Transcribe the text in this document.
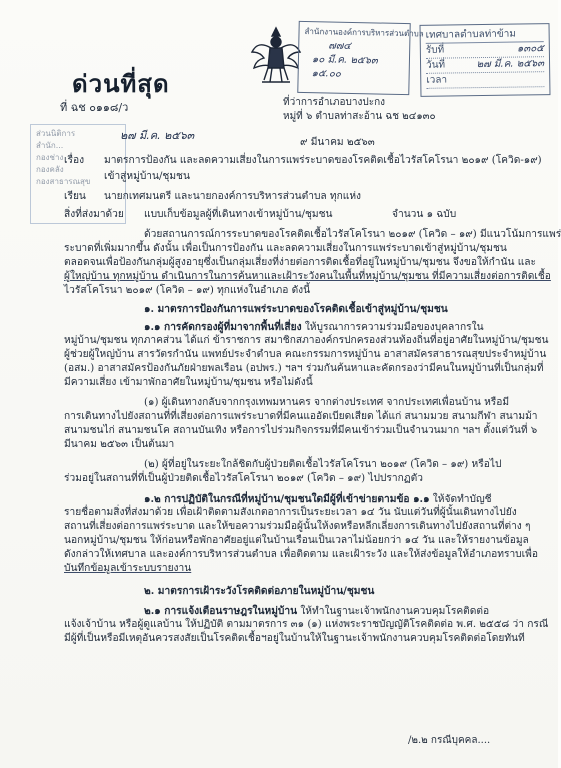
ด่วนที่สุด
ที่ ฉช ๐๑๑๘/ว
สำนักงานองค์การบริหารส่วนตำบล
๗๗๔
๑๐ มี.ค. ๒๕๖๓
๑๕.๐๐
เทศบาลตำบลท่าข้าม
รับที่	๑๓๐๕
วันที่	๒๗ มี.ค. ๒๕๖๓
เวลา
ส่วนนิติการ
สำนัก...
กองช่าง
กองคลัง
กองสาธารณสุข
๒๗ มี.ค. ๒๕๖๓
ที่ว่าการอำเภอบางปะกง
หมู่ที่ ๖ ตำบลท่าสะอ้าน ฉช ๒๔๑๓๐
๙ มีนาคม ๒๕๖๓
เรื่อง มาตรการป้องกัน และลดความเสี่ยงในการแพร่ระบาดของโรคติดเชื้อไวรัสโคโรนา ๒๐๑๙ (โควิด-๑๙)
เข้าสู่หมู่บ้าน/ชุมชน
เรียน นายกเทศมนตรี และนายกองค์การบริหารส่วนตำบล ทุกแห่ง
สิ่งที่ส่งมาด้วย แบบเก็บข้อมูลผู้ที่เดินทางเข้าหมู่บ้าน/ชุมชน	จำนวน ๑ ฉบับ
ด้วยสถานการณ์การระบาดของโรคติดเชื้อไวรัสโคโรนา ๒๐๑๙ (โควิด – ๑๙) มีแนวโน้มการแพร่
ระบาดที่เพิ่มมากขึ้น ดังนั้น เพื่อเป็นการป้องกัน และลดความเสี่ยงในการแพร่ระบาดเข้าสู่หมู่บ้าน/ชุมชน
ตลอดจนเพื่อป้องกันกลุ่มผู้สูงอายุซึ่งเป็นกลุ่มเสี่ยงที่ง่ายต่อการติดเชื้อที่อยู่ในหมู่บ้าน/ชุมชน จึงขอให้กำนัน และ
ผู้ใหญ่บ้าน ทุกหมู่บ้าน ดำเนินการในการค้นหาและเฝ้าระวังคนในพื้นที่หมู่บ้าน/ชุมชน ที่มีความเสี่ยงต่อการติดเชื้อ
ไวรัสโคโรนา ๒๐๑๙ (โควิด – ๑๙) ทุกแห่งในอำเภอ ดังนี้
๑. มาตรการป้องกันการแพร่ระบาดของโรคติดเชื้อเข้าสู่หมู่บ้าน/ชุมชน
๑.๑ การคัดกรองผู้ที่มาจากพื้นที่เสี่ยง ให้บูรณาการความร่วมมือของบุคลากรใน
หมู่บ้าน/ชุมชน ทุกภาคส่วน ได้แก่ ข้าราชการ สมาชิกสภาองค์กรปกครองส่วนท้องถิ่นที่อยู่อาศัยในหมู่บ้าน/ชุมชน
ผู้ช่วยผู้ใหญ่บ้าน สารวัตรกำนัน แพทย์ประจำตำบล คณะกรรมการหมู่บ้าน อาสาสมัครสาธารณสุขประจำหมู่บ้าน
(อสม.) อาสาสมัครป้องกันภัยฝ่ายพลเรือน (อปพร.) ฯลฯ ร่วมกันค้นหาและคัดกรองว่ามีคนในหมู่บ้านที่เป็นกลุ่มที่
มีความเสี่ยง เข้ามาพักอาศัยในหมู่บ้าน/ชุมชน หรือไม่ดังนี้
(๑) ผู้เดินทางกลับจากกรุงเทพมหานคร จากต่างประเทศ จากประเทศเพื่อนบ้าน หรือมี
การเดินทางไปยังสถานที่ที่เสี่ยงต่อการแพร่ระบาดที่มีคนแออัดเบียดเสียด ได้แก่ สนามมวย สนามกีฬา สนามม้า
สนามชนไก่ สนามชนโค สถานบันเทิง หรือการไปร่วมกิจกรรมที่มีคนเข้าร่วมเป็นจำนวนมาก ฯลฯ ตั้งแต่วันที่ ๖
มีนาคม ๒๕๖๓ เป็นต้นมา
(๒) ผู้ที่อยู่ในระยะใกล้ชิดกับผู้ป่วยติดเชื้อไวรัสโคโรนา ๒๐๑๙ (โควิด – ๑๙) หรือไป
ร่วมอยู่ในสถานที่ที่เป็นผู้ป่วยติดเชื้อไวรัสโคโรนา ๒๐๑๙ (โควิด – ๑๙) ไปปรากฏตัว
๑.๒ การปฏิบัติในกรณีที่หมู่บ้าน/ชุมชนใดมีผู้ที่เข้าข่ายตามข้อ ๑.๑ ให้จัดทำบัญชี
รายชื่อตามสิ่งที่ส่งมาด้วย เพื่อเฝ้าติดตามสังเกตอาการเป็นระยะเวลา ๑๔ วัน นับแต่วันที่ผู้นั้นเดินทางไปยัง
สถานที่เสี่ยงต่อการแพร่ระบาด และให้ขอความร่วมมือผู้นั้นให้งดหรือหลีกเลี่ยงการเดินทางไปยังสถานที่ต่าง ๆ
นอกหมู่บ้าน/ชุมชน ให้ก่อนหรือพักอาศัยอยู่แต่ในบ้านเรือนเป็นเวลาไม่น้อยกว่า ๑๔ วัน และให้รายงานข้อมูล
ดังกล่าวให้เทศบาล และองค์การบริหารส่วนตำบล เพื่อติดตาม และเฝ้าระวัง และให้ส่งข้อมูลให้อำเภอทราบเพื่อ
บันทึกข้อมูลเข้าระบบรายงาน
๒. มาตรการเฝ้าระวังโรคติดต่อภายในหมู่บ้าน/ชุมชน
๒.๑ การแจ้งเตือนราษฎรในหมู่บ้าน ให้ทำในฐานะเจ้าพนักงานควบคุมโรคติดต่อ
แจ้งเจ้าบ้าน หรือผู้ดูแลบ้าน ให้ปฏิบัติ ตามมาตรการ ๓๑ (๑) แห่งพระราชบัญญัติโรคติดต่อ พ.ศ. ๒๕๕๘ ว่า กรณี
มีผู้ที่เป็นหรือมีเหตุอันควรสงสัยเป็นโรคติดเชื้อฯอยู่ในบ้านให้ในฐานะเจ้าพนักงานควบคุมโรคติดต่อโดยทันที
/๒.๒ กรณีบุคคล....
